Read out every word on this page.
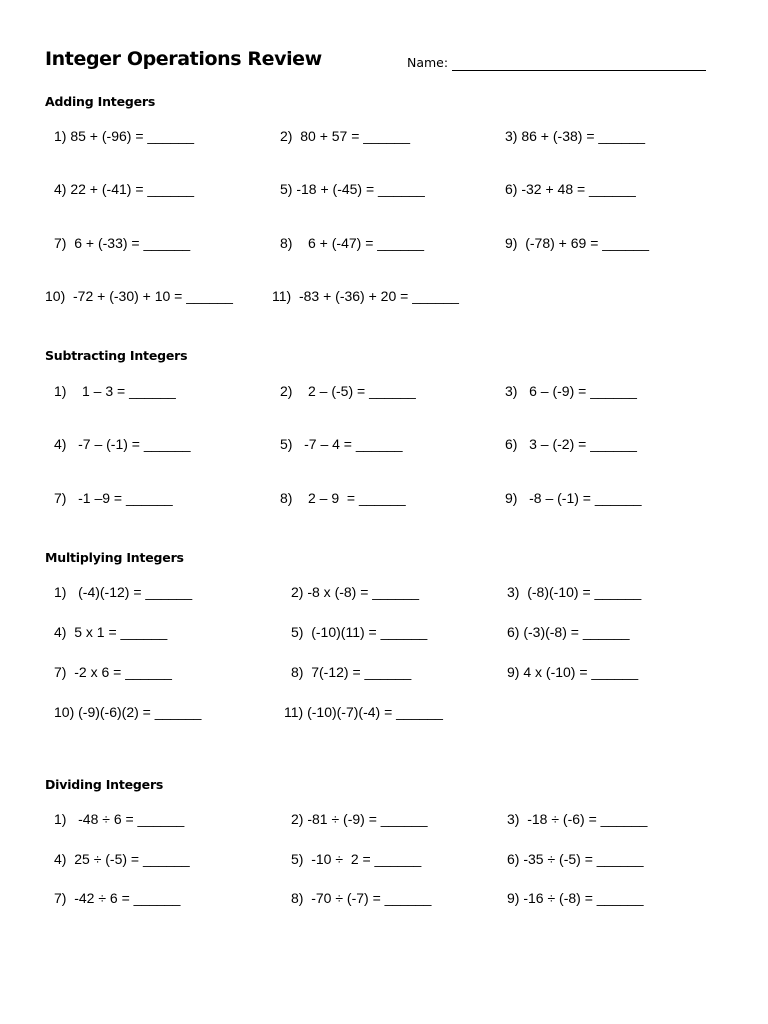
Integer Operations Review	Name:
Adding Integers
1) 85 + (-96) = ______	2)  80 + 57 = ______	3) 86 + (-38) = ______
4) 22 + (-41) = ______	5) -18 + (-45) = ______	6) -32 + 48 = ______
7)  6 + (-33) = ______	8)    6 + (-47) = ______	9)  (-78) + 69 = ______
10)  -72 + (-30) + 10 = ______	11)  -83 + (-36) + 20 = ______
Subtracting Integers
1)    1 – 3 = ______	2)    2 – (-5) = ______	3)   6 – (-9) = ______
4)   -7 – (-1) = ______	5)   -7 – 4 = ______	6)   3 – (-2) = ______
7)   -1 –9 = ______	8)    2 – 9  = ______	9)   -8 – (-1) = ______
Multiplying Integers
1)   (-4)(-12) = ______	2) -8 x (-8) = ______	3)  (-8)(-10) = ______
4)  5 x 1 = ______	5)  (-10)(11) = ______	6) (-3)(-8) = ______
7)  -2 x 6 = ______	8)  7(-12) = ______	9) 4 x (-10) = ______
10) (-9)(-6)(2) = ______	11) (-10)(-7)(-4) = ______
Dividing Integers
1)   -48 ÷ 6 = ______	2) -81 ÷ (-9) = ______	3)  -18 ÷ (-6) = ______
4)  25 ÷ (-5) = ______	5)  -10 ÷  2 = ______	6) -35 ÷ (-5) = ______
7)  -42 ÷ 6 = ______	8)  -70 ÷ (-7) = ______	9) -16 ÷ (-8) = ______
